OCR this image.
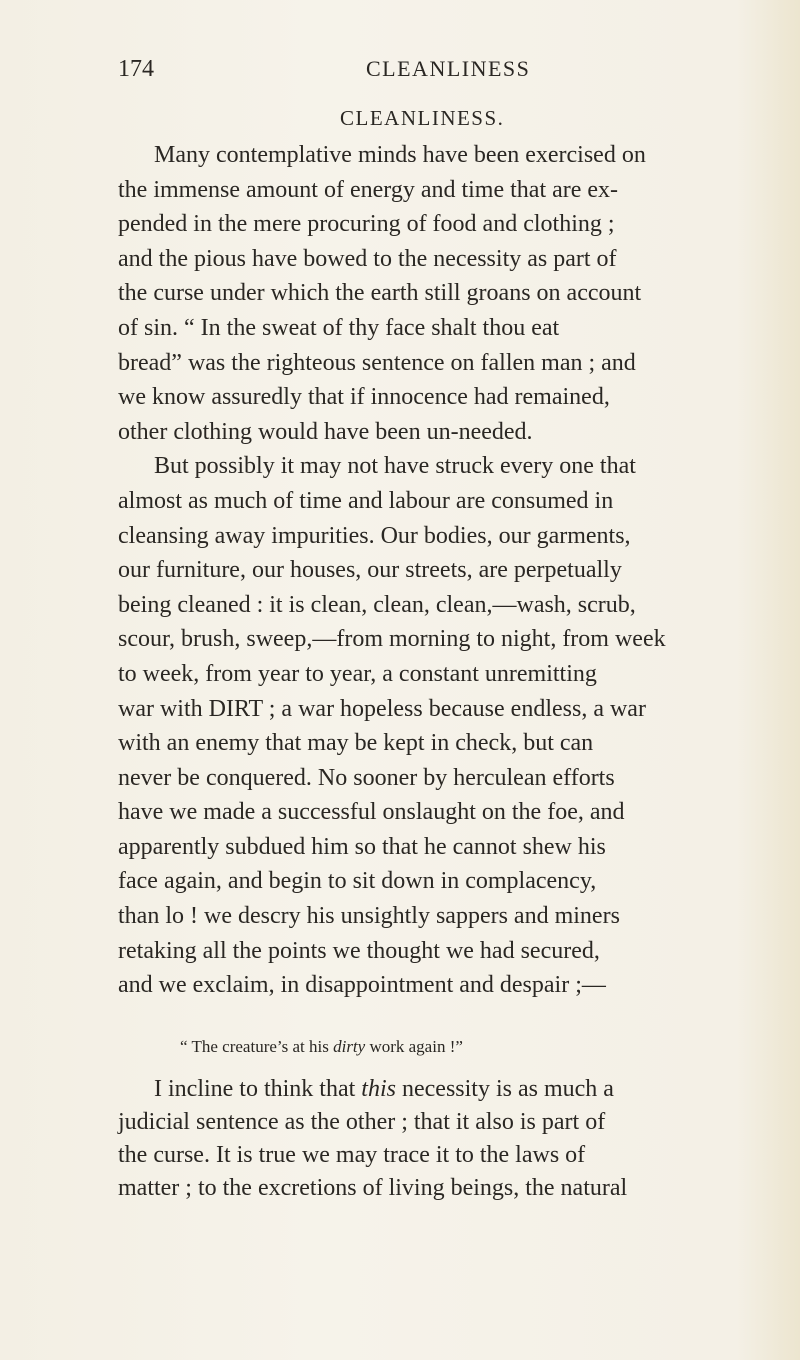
174	CLEANLINESS
CLEANLINESS.
Many contemplative minds have been exercised on
the immense amount of energy and time that are ex-
pended in the mere procuring of food and clothing ;
and the pious have bowed to the necessity as part of
the curse under which the earth still groans on account
of sin. “ In the sweat of thy face shalt thou eat
bread” was the righteous sentence on fallen man ; and
we know assuredly that if innocence had remained,
other clothing would have been un-needed.
But possibly it may not have struck every one that
almost as much of time and labour are consumed in
cleansing away impurities. Our bodies, our garments,
our furniture, our houses, our streets, are perpetually
being cleaned : it is clean, clean, clean,—wash, scrub,
scour, brush, sweep,—from morning to night, from week
to week, from year to year, a constant unremitting
war with DIRT ; a war hopeless because endless, a war
with an enemy that may be kept in check, but can
never be conquered. No sooner by herculean efforts
have we made a successful onslaught on the foe, and
apparently subdued him so that he cannot shew his
face again, and begin to sit down in complacency,
than lo ! we descry his unsightly sappers and miners
retaking all the points we thought we had secured,
and we exclaim, in disappointment and despair ;—
“ The creature’s at his dirty work again !”
I incline to think that this necessity is as much a
judicial sentence as the other ; that it also is part of
the curse. It is true we may trace it to the laws of
matter ; to the excretions of living beings, the natural
